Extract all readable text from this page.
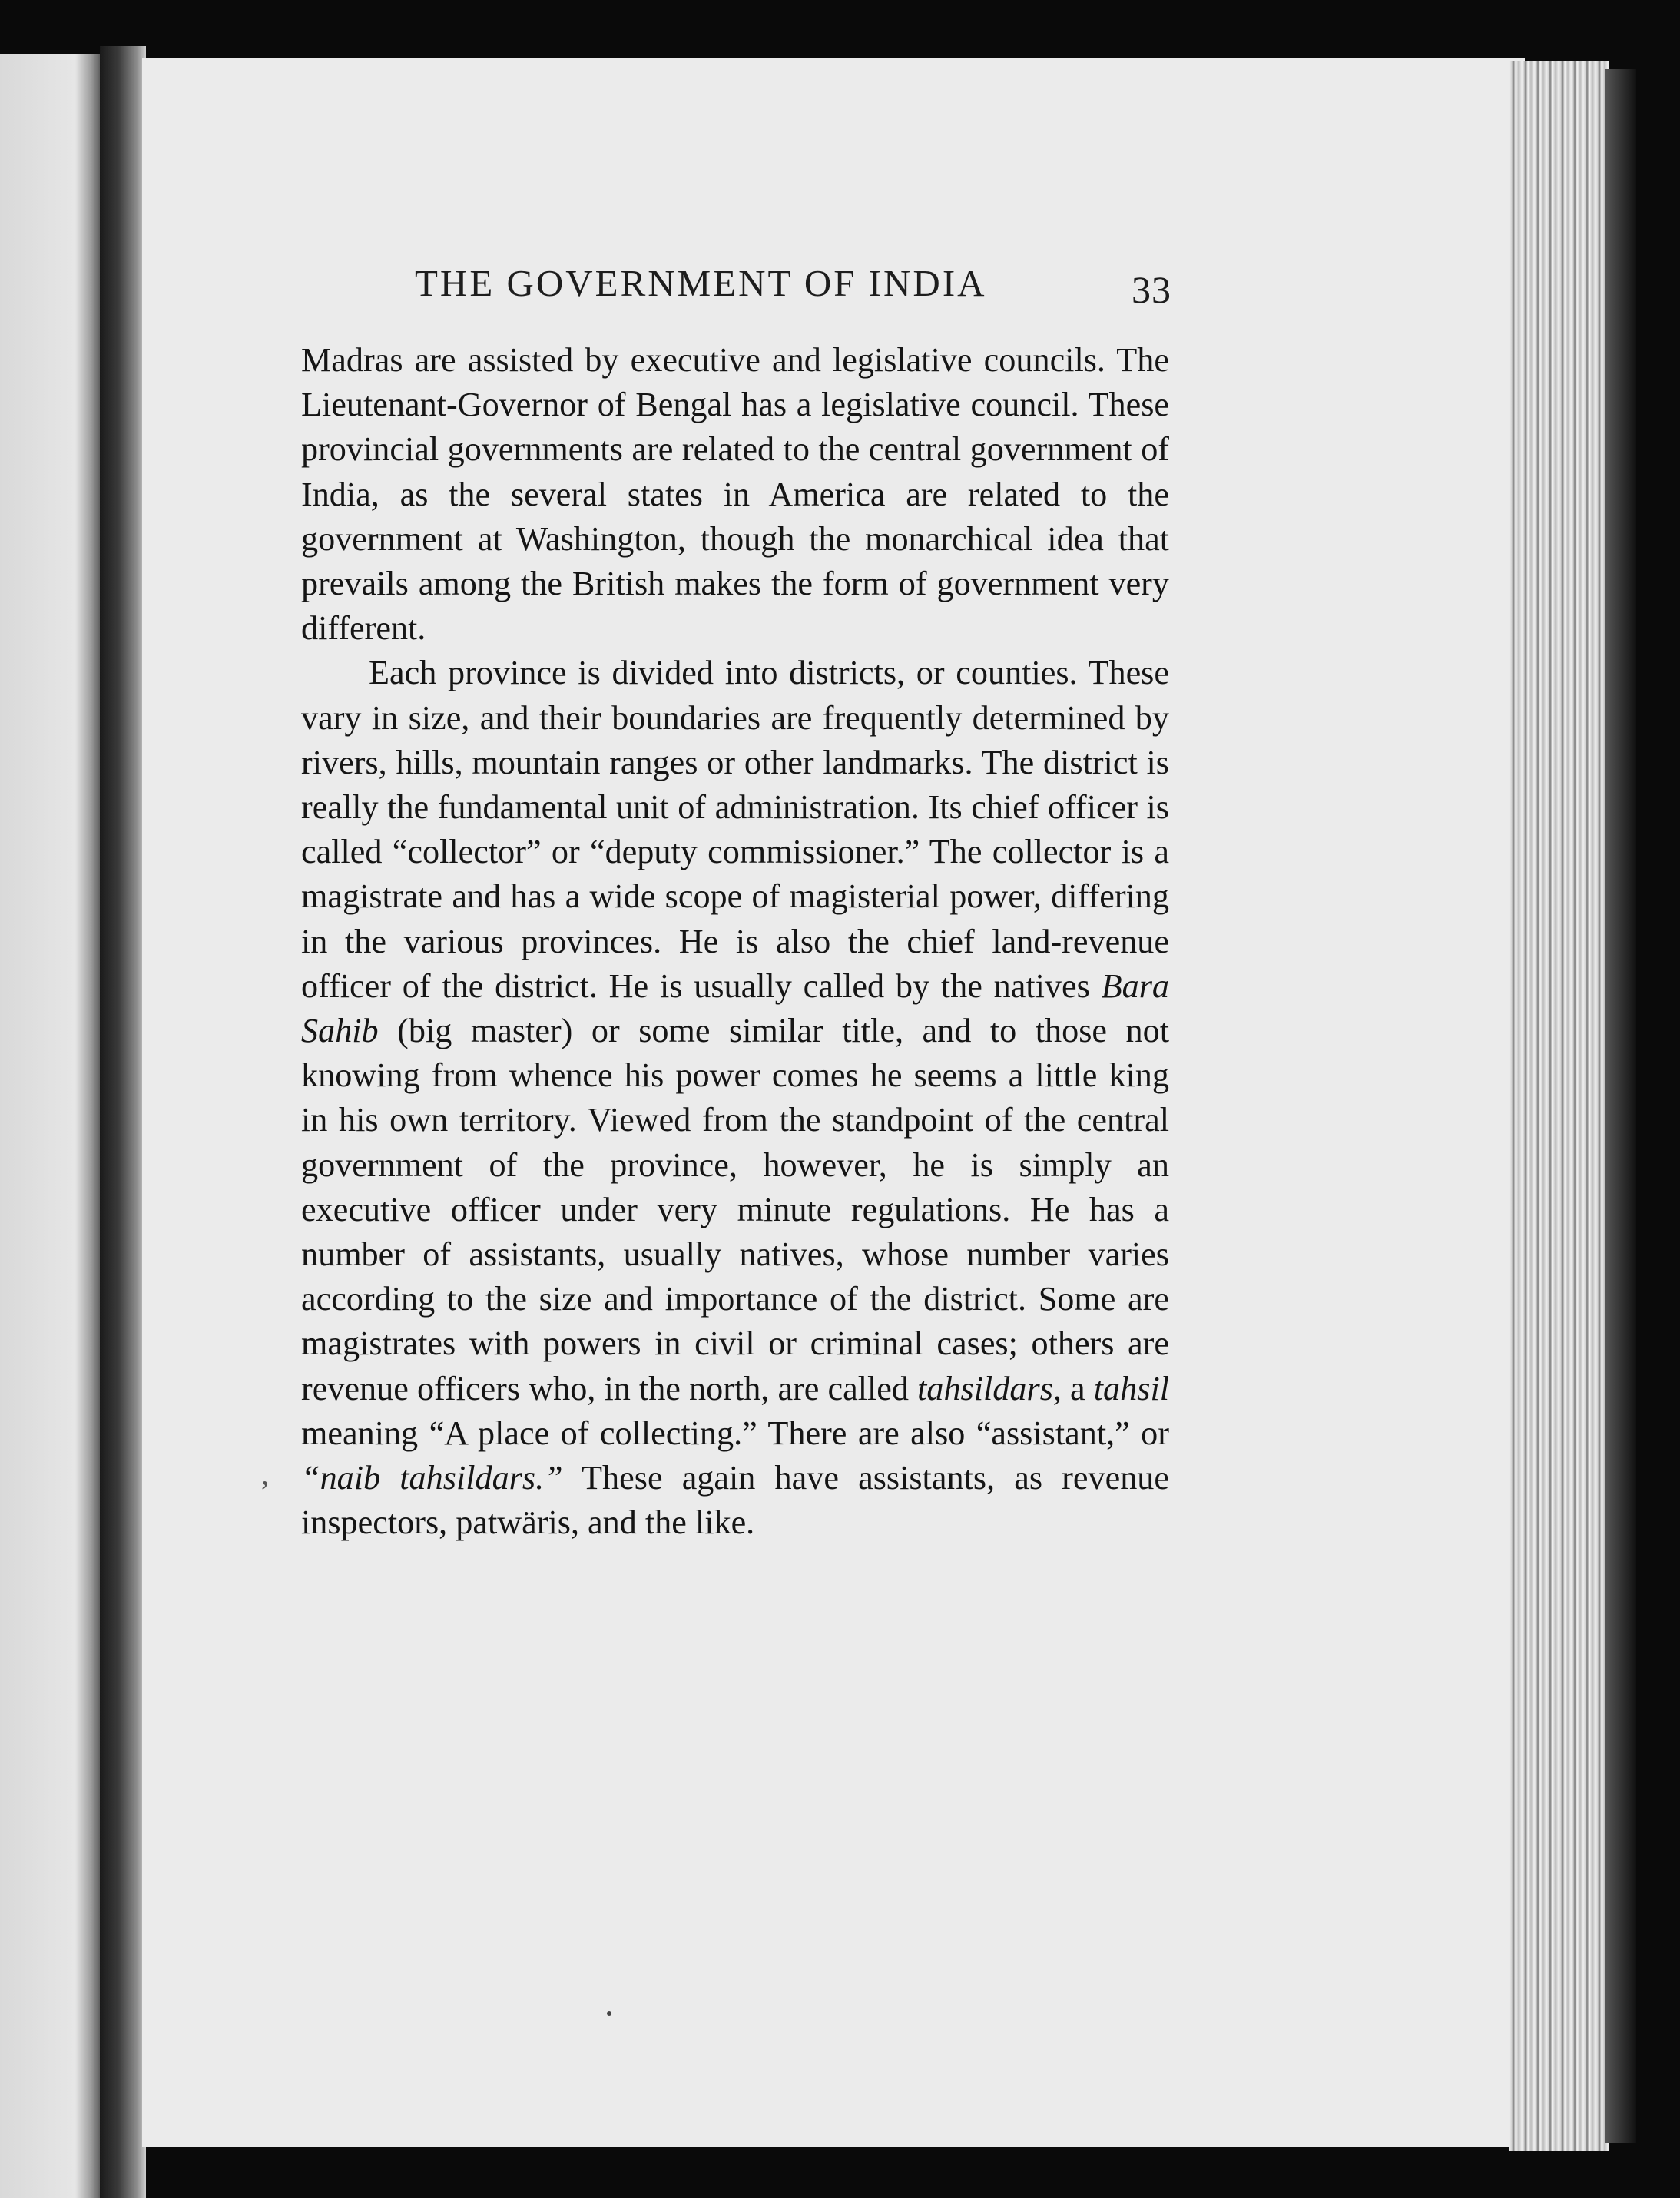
THE GOVERNMENT OF INDIA	33

Madras are assisted by executive and legislative councils. The Lieutenant-Governor of Bengal has a legislative council. These provincial governments are related to the central government of India, as the several states in America are related to the government at Washington, though the monarchical idea that prevails among the British makes the form of government very different.

Each province is divided into districts, or counties. These vary in size, and their boundaries are frequently determined by rivers, hills, mountain ranges or other landmarks. The district is really the fundamental unit of administration. Its chief officer is called “collector” or “deputy commissioner.” The collector is a magistrate and has a wide scope of magisterial power, differing in the various provinces. He is also the chief land-revenue officer of the district. He is usually called by the natives Bara Sahib (big master) or some similar title, and to those not knowing from whence his power comes he seems a little king in his own territory. Viewed from the standpoint of the central government of the province, however, he is simply an executive officer under very minute regulations. He has a number of assistants, usually natives, whose number varies according to the size and importance of the district. Some are magistrates with powers in civil or criminal cases; others are revenue officers who, in the north, are called tahsildars, a tahsil meaning “A place of collecting.” There are also “assistant,” or “naib tahsildars.” These again have assistants, as revenue inspectors, patwäris, and the like.

,
